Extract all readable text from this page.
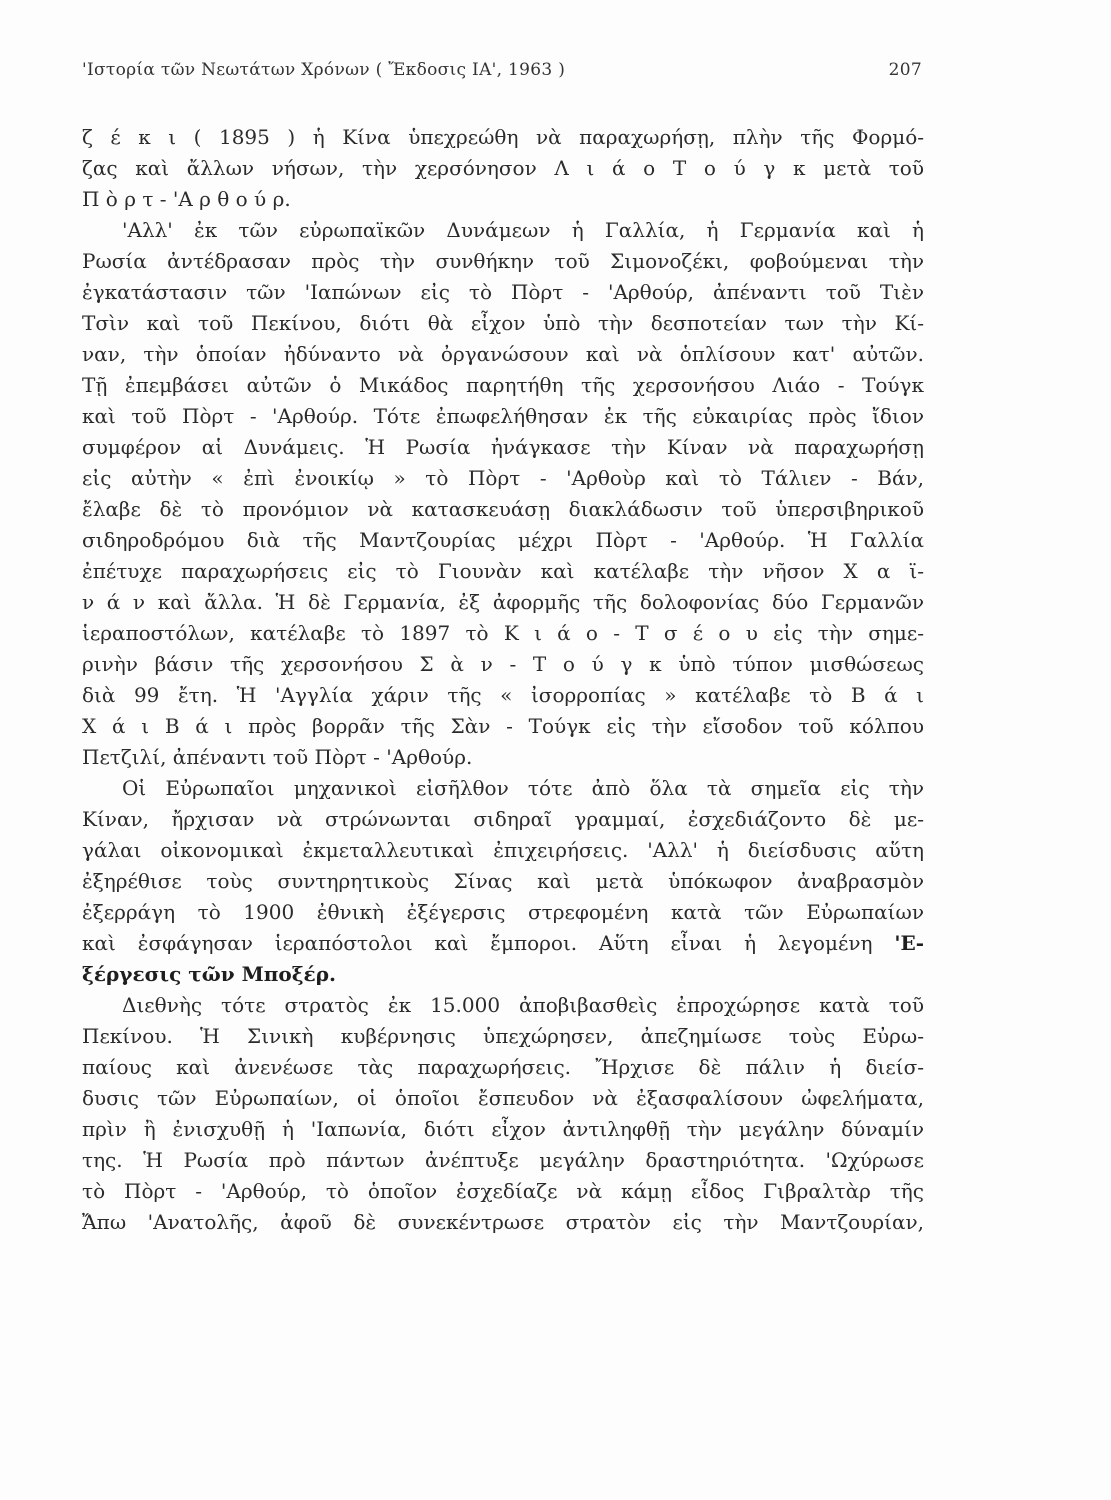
'Ιστορία τῶν Νεωτάτων Χρόνων ( Ἔκδοσις ΙΑ', 1963 )	207
ζ έ κ ι ( 1895 ) ἡ Κίνα ὑπεχρεώθη νὰ παραχωρήσῃ, πλὴν τῆς Φορμό-
ζας καὶ ἄλλων νήσων, τὴν χερσόνησον Λ ι ά ο Τ ο ύ γ κ μετὰ τοῦ
Π ὸ ρ τ - 'Α ρ θ ο ύ ρ.
'Αλλ' ἐκ τῶν εὐρωπαϊκῶν Δυνάμεων ἡ Γαλλία, ἡ Γερμανία καὶ ἡ
Ρωσία ἀντέδρασαν πρὸς τὴν συνθήκην τοῦ Σιμονοζέκι, φοβούμεναι τὴν
ἐγκατάστασιν τῶν 'Ιαπώνων εἰς τὸ Πὸρτ - 'Αρθούρ, ἀπέναντι τοῦ Τιὲν
Τσὶν καὶ τοῦ Πεκίνου, διότι θὰ εἶχον ὑπὸ τὴν δεσποτείαν των τὴν Κί-
ναν, τὴν ὁποίαν ἠδύναντο νὰ ὀργανώσουν καὶ νὰ ὁπλίσουν κατ' αὐτῶν.
Τῇ ἐπεμβάσει αὐτῶν ὁ Μικάδος παρητήθη τῆς χερσονήσου Λιάο - Τούγκ
καὶ τοῦ Πὸρτ - 'Αρθούρ. Τότε ἐπωφελήθησαν ἐκ τῆς εὐκαιρίας πρὸς ἴδιον
συμφέρον αἱ Δυνάμεις. Ἡ Ρωσία ἠνάγκασε τὴν Κίναν νὰ παραχωρήσῃ
εἰς αὐτὴν « ἐπὶ ἐνοικίῳ » τὸ Πὸρτ - 'Αρθοὺρ καὶ τὸ Τάλιεν - Βάν,
ἔλαβε δὲ τὸ προνόμιον νὰ κατασκευάσῃ διακλάδωσιν τοῦ ὑπερσιβηρικοῦ
σιδηροδρόμου διὰ τῆς Μαντζουρίας μέχρι Πὸρτ - 'Αρθούρ. Ἡ Γαλλία
ἐπέτυχε παραχωρήσεις εἰς τὸ Γιουνὰν καὶ κατέλαβε τὴν νῆσον Χ α ϊ-
ν ά ν καὶ ἄλλα. Ἡ δὲ Γερμανία, ἐξ ἀφορμῆς τῆς δολοφονίας δύο Γερμανῶν
ἱεραποστόλων, κατέλαβε τὸ 1897 τὸ Κ ι ά ο - Τ σ έ ο υ εἰς τὴν σημε-
ρινὴν βάσιν τῆς χερσονήσου Σ ὰ ν - Τ ο ύ γ κ ὑπὸ τύπον μισθώσεως
διὰ 99 ἔτη. Ἡ 'Αγγλία χάριν τῆς « ἰσορροπίας » κατέλαβε τὸ Β ά ι
Χ ά ι Β ά ι πρὸς βορρᾶν τῆς Σὰν - Τούγκ εἰς τὴν εἴσοδον τοῦ κόλπου
Πετζιλί, ἀπέναντι τοῦ Πὸρτ - 'Αρθούρ.
Οἱ Εὐρωπαῖοι μηχανικοὶ εἰσῆλθον τότε ἀπὸ ὅλα τὰ σημεῖα εἰς τὴν
Κίναν, ἤρχισαν νὰ στρώνωνται σιδηραῖ γραμμαί, ἐσχεδιάζοντο δὲ με-
γάλαι οἰκονομικαὶ ἐκμεταλλευτικαὶ ἐπιχειρήσεις. 'Αλλ' ἡ διείσδυσις αὕτη
ἐξηρέθισε τοὺς συντηρητικοὺς Σίνας καὶ μετὰ ὑπόκωφον ἀναβρασμὸν
ἐξερράγη τὸ 1900 ἐθνικὴ ἐξέγερσις στρεφομένη κατὰ τῶν Εὐρωπαίων
καὶ ἐσφάγησαν ἱεραπόστολοι καὶ ἔμποροι. Αὕτη εἶναι ἡ λεγομένη 'Ε-
ξέργεσις τῶν Μποξέρ.
Διεθνὴς τότε στρατὸς ἐκ 15.000 ἀποβιβασθεὶς ἐπροχώρησε κατὰ τοῦ
Πεκίνου. Ἡ Σινικὴ κυβέρνησις ὑπεχώρησεν, ἀπεζημίωσε τοὺς Εὐρω-
παίους καὶ ἀνενέωσε τὰς παραχωρήσεις. Ἤρχισε δὲ πάλιν ἡ διείσ-
δυσις τῶν Εὐρωπαίων, οἱ ὁποῖοι ἔσπευδον νὰ ἐξασφαλίσουν ὠφελήματα,
πρὶν ἢ ἐνισχυθῇ ἡ 'Ιαπωνία, διότι εἶχον ἀντιληφθῇ τὴν μεγάλην δύναμίν
της. Ἡ Ρωσία πρὸ πάντων ἀνέπτυξε μεγάλην δραστηριότητα. 'Ωχύρωσε
τὸ Πὸρτ - 'Αρθούρ, τὸ ὁποῖον ἐσχεδίαζε νὰ κάμῃ εἶδος Γιβραλτὰρ τῆς
Ἄπω 'Ανατολῆς, ἀφοῦ δὲ συνεκέντρωσε στρατὸν εἰς τὴν Μαντζουρίαν,
